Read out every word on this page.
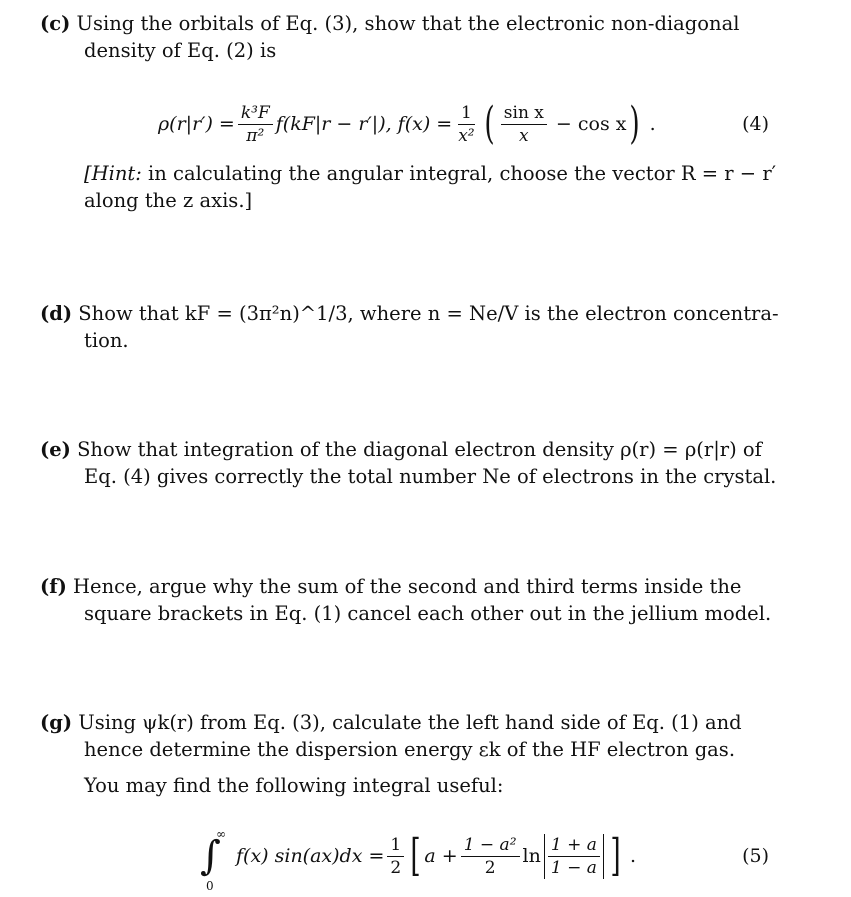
(c) Using the orbitals of Eq. (3), show that the electronic non-diagonal
density of Eq. (2) is
$\rho(r|r') = \frac{\text{k³F}}{\text{π²}} f(kF|r - r'|)$, $f(x) = \frac{1}{\text{x²}}$ ( $\frac{\text{sin x}}{x} - \cos x$ ) .	(4)
[Hint: in calculating the angular integral, choose the vector R = r − r′
along the z axis.]
(d) Show that kF = (3π²n)^1/3, where n = Ne/V is the electron concentra-
tion.
(e) Show that integration of the diagonal electron density ρ(r) = ρ(r|r) of
Eq. (4) gives correctly the total number Ne of electrons in the crystal.
(f) Hence, argue why the sum of the second and third terms inside the
square brackets in Eq. (1) cancel each other out in the jellium model.
(g) Using ψk(r) from Eq. (3), calculate the left hand side of Eq. (1) and
hence determine the dispersion energy εk of the HF electron gas.
You may find the following integral useful:
∫
∞
0
f(x) $\sin(ax)dx = \frac{1}{2}$ [ $a + \frac{\text{1 − a²}}{2}$ $\ln \frac{1 + a}{1 - a}$ ] .	(5)
